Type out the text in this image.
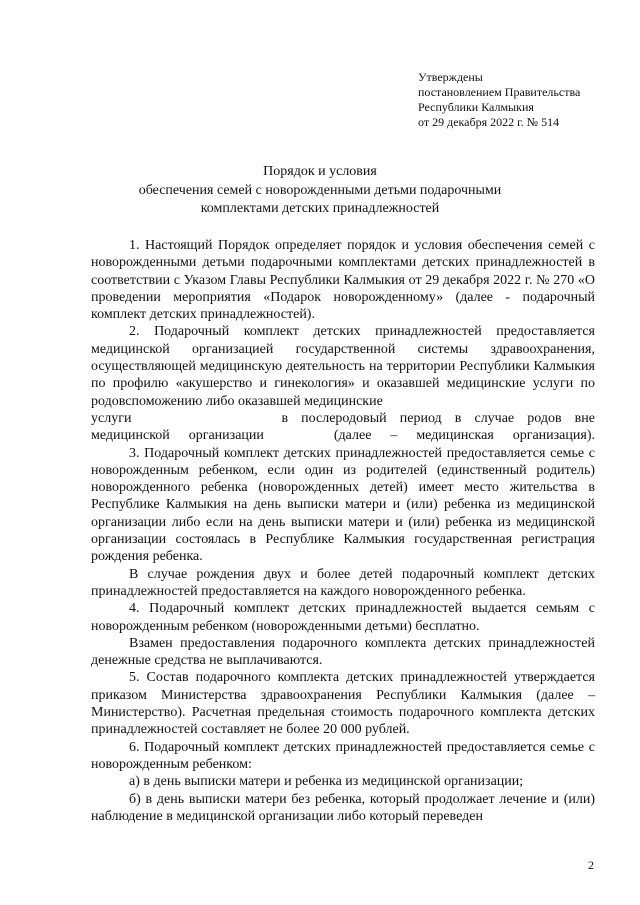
Утверждены
постановлением Правительства
Республики Калмыкия
от 29 декабря 2022 г. № 514
Порядок и условия
обеспечения семей с новорожденными детьми подарочными
комплектами детских принадлежностей

1. Настоящий Порядок определяет порядок и условия обеспечения семей с новорожденными детьми подарочными комплектами детских принадлежностей в соответствии с Указом Главы Республики Калмыкия от 29 декабря 2022 г. № 270 «О проведении мероприятия «Подарок новорожденному» (далее - подарочный комплект детских принадлежностей).

2. Подарочный комплект детских принадлежностей предоставляется медицинской организацией государственной системы здравоохранения, осуществляющей медицинскую деятельность на территории Республики Калмыкия по профилю «акушерство и гинекология» и оказавшей медицинские услуги по родовспоможению либо оказавшей медицинские

услуги	в послеродовый период в случае родов вне
медицинской организации	(далее – медицинская организация).

3. Подарочный комплект детских принадлежностей предоставляется семье с новорожденным ребенком, если один из родителей (единственный родитель) новорожденного ребенка (новорожденных детей) имеет место жительства в Республике Калмыкия на день выписки матери и (или) ребенка из медицинской организации либо если на день выписки матери и (или) ребенка из медицинской организации состоялась в Республике Калмыкия государственная регистрация рождения ребенка.

В случае рождения двух и более детей подарочный комплект детских принадлежностей предоставляется на каждого новорожденного ребенка.

4. Подарочный комплект детских принадлежностей выдается семьям с новорожденным ребенком (новорожденными детьми) бесплатно.

Взамен предоставления подарочного комплекта детских принадлежностей денежные средства не выплачиваются.

5. Состав подарочного комплекта детских принадлежностей утверждается приказом Министерства здравоохранения Республики Калмыкия (далее – Министерство). Расчетная предельная стоимость подарочного комплекта детских принадлежностей составляет не более 20 000 рублей.

6. Подарочный комплект детских принадлежностей предоставляется семье с новорожденным ребенком:

а) в день выписки матери и ребенка из медицинской организации;

б) в день выписки матери без ребенка, который продолжает лечение и (или) наблюдение в медицинской организации либо который переведен

2
